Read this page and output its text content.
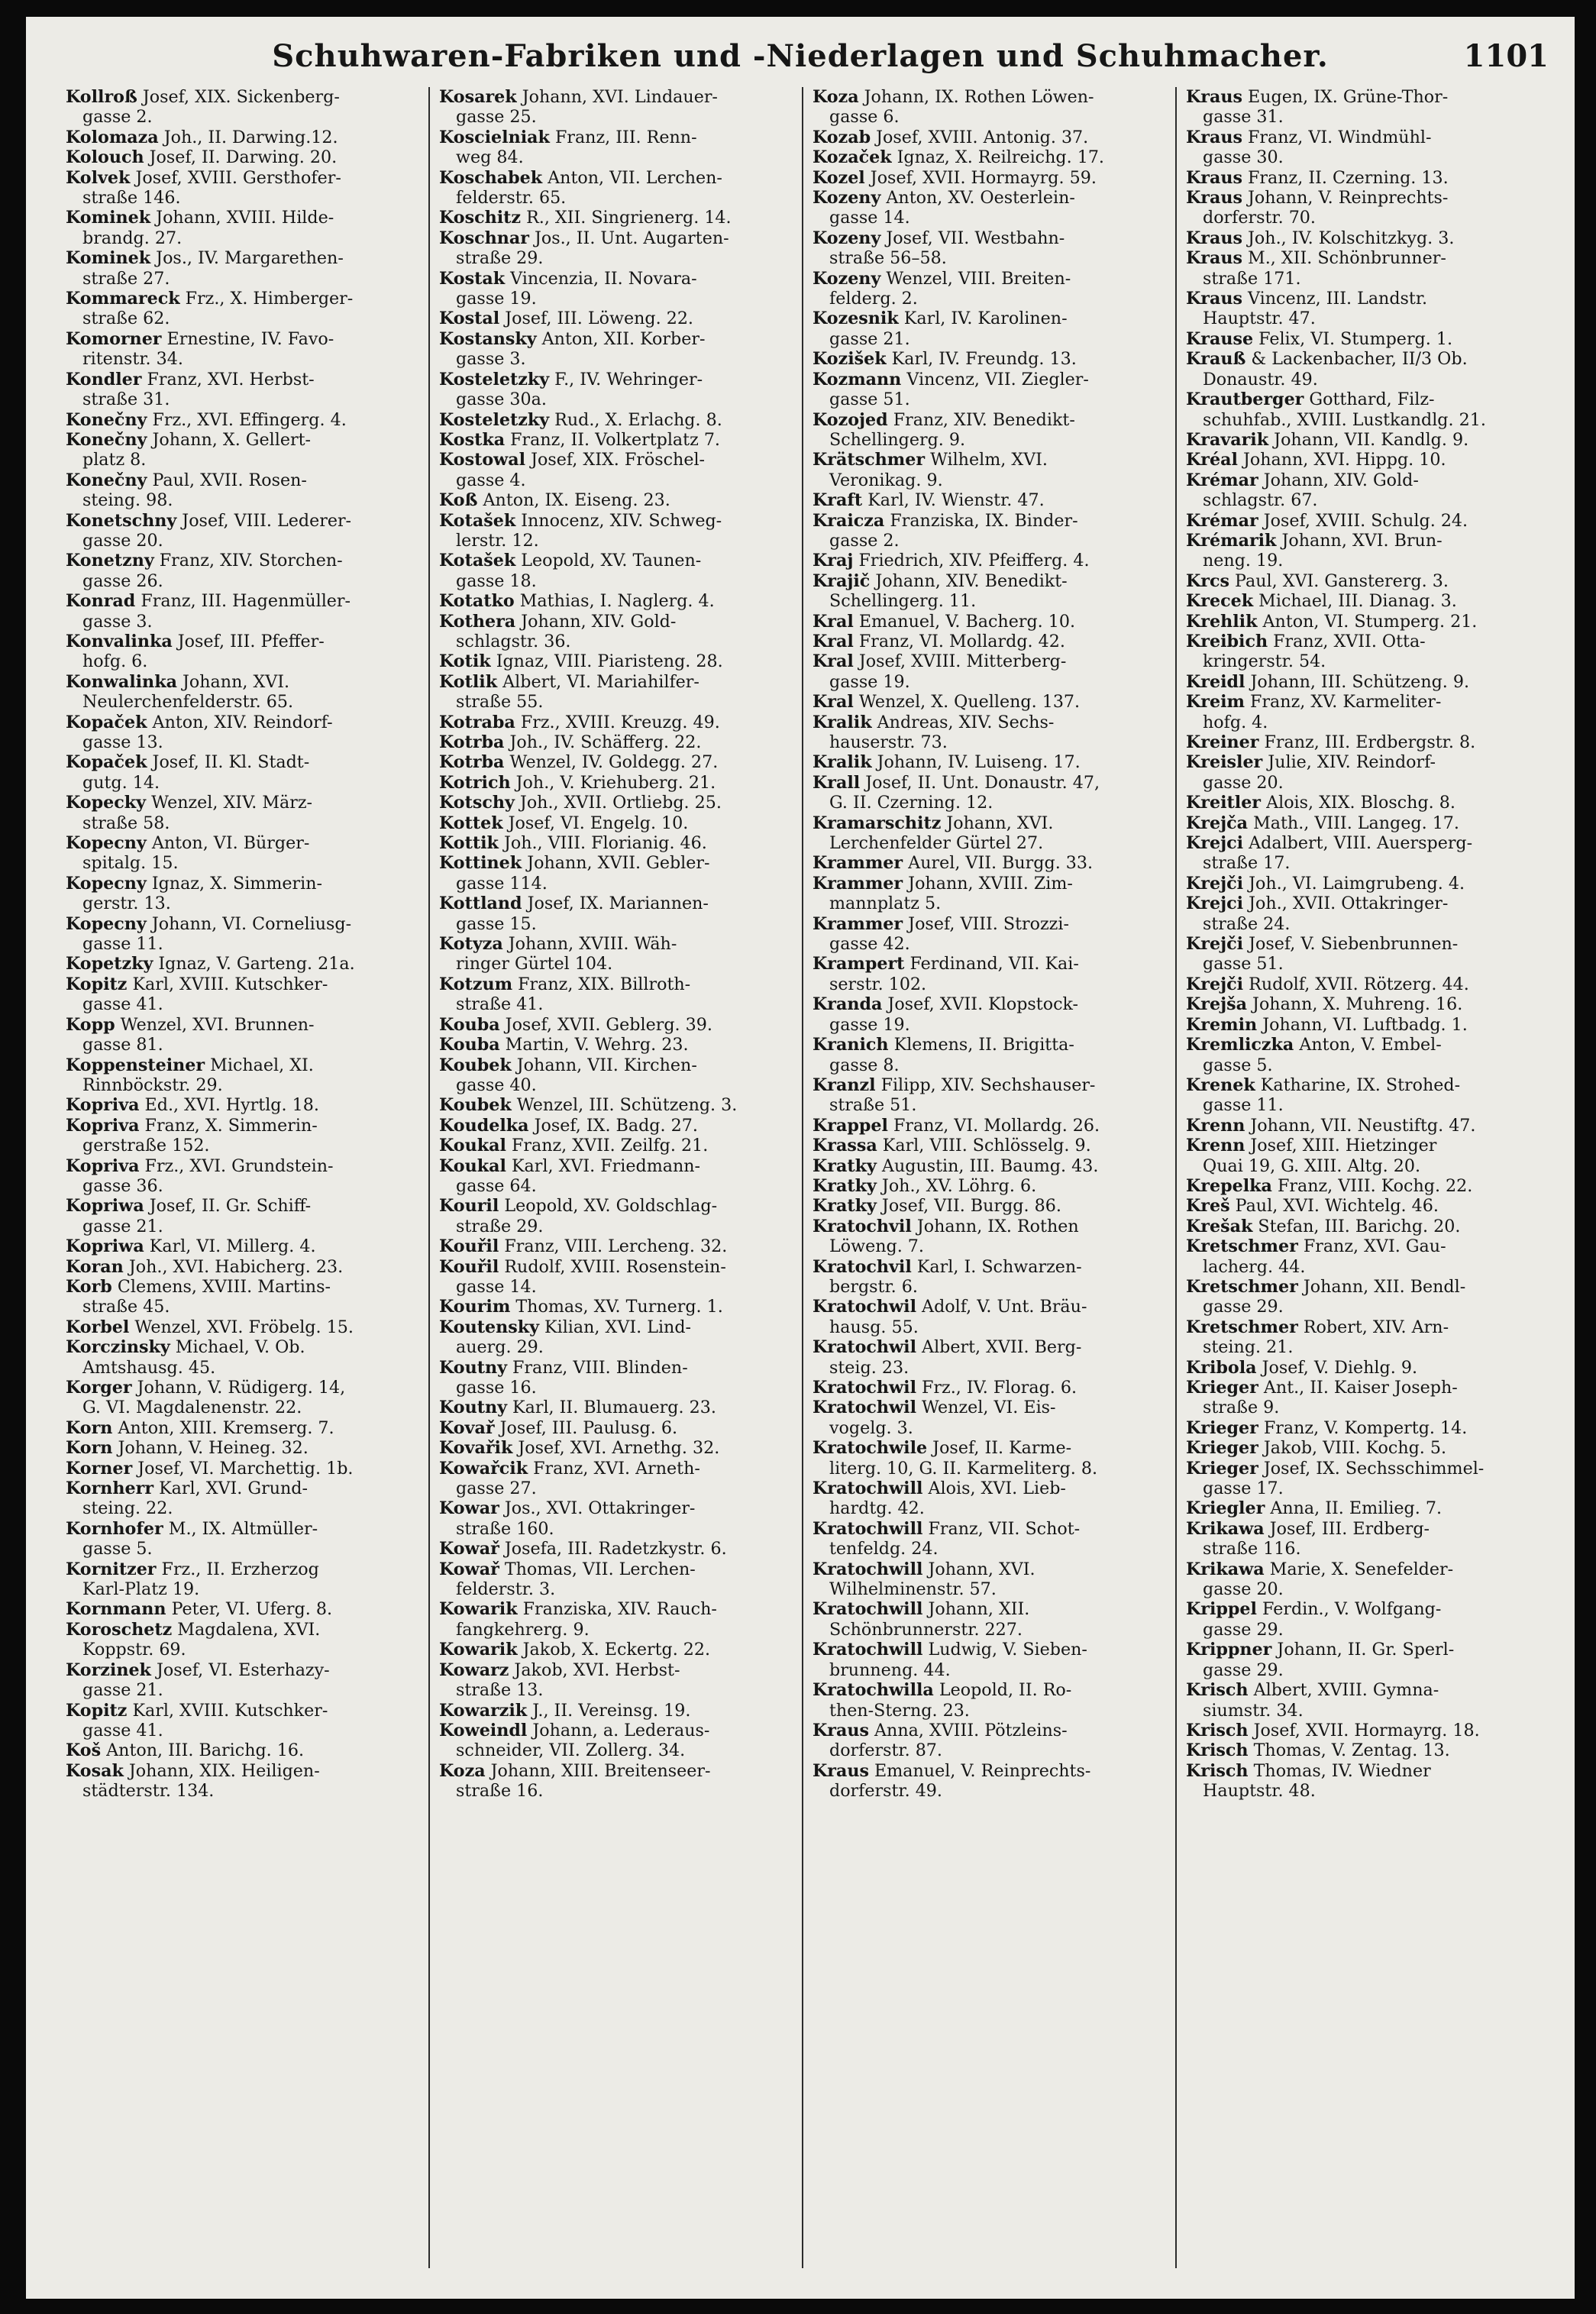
Schuhwaren-Fabriken und -Niederlagen und Schuhmacher.	1101
Kollroß Josef, XIX. Sickenberg-
gasse 2.
Kolomaza Joh., II. Darwing.12.
Kolouch Josef, II. Darwing. 20.
Kolvek Josef, XVIII. Gersthofer-
straße 146.
Kominek Johann, XVIII. Hilde-
brandg. 27.
Kominek Jos., IV. Margarethen-
straße 27.
Kommareck Frz., X. Himberger-
straße 62.
Komorner Ernestine, IV. Favo-
ritenstr. 34.
Kondler Franz, XVI. Herbst-
straße 31.
Konečny Frz., XVI. Effingerg. 4.
Konečny Johann, X. Gellert-
platz 8.
Konečny Paul, XVII. Rosen-
steing. 98.
Konetschny Josef, VIII. Lederer-
gasse 20.
Konetzny Franz, XIV. Storchen-
gasse 26.
Konrad Franz, III. Hagenmüller-
gasse 3.
Konvalinka Josef, III. Pfeffer-
hofg. 6.
Konwalinka Johann, XVI.
Neulerchenfelderstr. 65.
Kopaček Anton, XIV. Reindorf-
gasse 13.
Kopaček Josef, II. Kl. Stadt-
gutg. 14.
Kopecky Wenzel, XIV. März-
straße 58.
Kopecny Anton, VI. Bürger-
spitalg. 15.
Kopecny Ignaz, X. Simmerin-
gerstr. 13.
Kopecny Johann, VI. Corneliusg-
gasse 11.
Kopetzky Ignaz, V. Garteng. 21a.
Kopitz Karl, XVIII. Kutschker-
gasse 41.
Kopp Wenzel, XVI. Brunnen-
gasse 81.
Koppensteiner Michael, XI.
Rinnböckstr. 29.
Kopriva Ed., XVI. Hyrtlg. 18.
Kopriva Franz, X. Simmerin-
gerstraße 152.
Kopriva Frz., XVI. Grundstein-
gasse 36.
Kopriwa Josef, II. Gr. Schiff-
gasse 21.
Kopriwa Karl, VI. Millerg. 4.
Koran Joh., XVI. Habicherg. 23.
Korb Clemens, XVIII. Martins-
straße 45.
Korbel Wenzel, XVI. Fröbelg. 15.
Korczinsky Michael, V. Ob.
Amtshausg. 45.
Korger Johann, V. Rüdigerg. 14,
G. VI. Magdalenenstr. 22.
Korn Anton, XIII. Kremserg. 7.
Korn Johann, V. Heineg. 32.
Korner Josef, VI. Marchettig. 1b.
Kornherr Karl, XVI. Grund-
steing. 22.
Kornhofer M., IX. Altmüller-
gasse 5.
Kornitzer Frz., II. Erzherzog
Karl-Platz 19.
Kornmann Peter, VI. Uferg. 8.
Koroschetz Magdalena, XVI.
Koppstr. 69.
Korzinek Josef, VI. Esterhazy-
gasse 21.
Kopitz Karl, XVIII. Kutschker-
gasse 41.
Koš Anton, III. Barichg. 16.
Kosak Johann, XIX. Heiligen-
städterstr. 134.
Kosarek Johann, XVI. Lindauer-
gasse 25.
Koscielniak Franz, III. Renn-
weg 84.
Koschabek Anton, VII. Lerchen-
felderstr. 65.
Koschitz R., XII. Singrienerg. 14.
Koschnar Jos., II. Unt. Augarten-
straße 29.
Kostak Vincenzia, II. Novara-
gasse 19.
Kostal Josef, III. Löweng. 22.
Kostansky Anton, XII. Korber-
gasse 3.
Kosteletzky F., IV. Wehringer-
gasse 30a.
Kosteletzky Rud., X. Erlachg. 8.
Kostka Franz, II. Volkertplatz 7.
Kostowal Josef, XIX. Fröschel-
gasse 4.
Koß Anton, IX. Eiseng. 23.
Kotašek Innocenz, XIV. Schweg-
lerstr. 12.
Kotašek Leopold, XV. Taunen-
gasse 18.
Kotatko Mathias, I. Naglerg. 4.
Kothera Johann, XIV. Gold-
schlagstr. 36.
Kotik Ignaz, VIII. Piaristeng. 28.
Kotlik Albert, VI. Mariahilfer-
straße 55.
Kotraba Frz., XVIII. Kreuzg. 49.
Kotrba Joh., IV. Schäfferg. 22.
Kotrba Wenzel, IV. Goldegg. 27.
Kotrich Joh., V. Kriehuberg. 21.
Kotschy Joh., XVII. Ortliebg. 25.
Kottek Josef, VI. Engelg. 10.
Kottik Joh., VIII. Florianig. 46.
Kottinek Johann, XVII. Gebler-
gasse 114.
Kottland Josef, IX. Mariannen-
gasse 15.
Kotyza Johann, XVIII. Wäh-
ringer Gürtel 104.
Kotzum Franz, XIX. Billroth-
straße 41.
Kouba Josef, XVII. Geblerg. 39.
Kouba Martin, V. Wehrg. 23.
Koubek Johann, VII. Kirchen-
gasse 40.
Koubek Wenzel, III. Schützeng. 3.
Koudelka Josef, IX. Badg. 27.
Koukal Franz, XVII. Zeilfg. 21.
Koukal Karl, XVI. Friedmann-
gasse 64.
Kouril Leopold, XV. Goldschlag-
straße 29.
Kouřil Franz, VIII. Lercheng. 32.
Kouřil Rudolf, XVIII. Rosenstein-
gasse 14.
Kourim Thomas, XV. Turnerg. 1.
Koutensky Kilian, XVI. Lind-
auerg. 29.
Koutny Franz, VIII. Blinden-
gasse 16.
Koutny Karl, II. Blumauerg. 23.
Kovař Josef, III. Paulusg. 6.
Kovařik Josef, XVI. Arnethg. 32.
Kowařcik Franz, XVI. Arneth-
gasse 27.
Kowar Jos., XVI. Ottakringer-
straße 160.
Kowař Josefa, III. Radetzkystr. 6.
Kowař Thomas, VII. Lerchen-
felderstr. 3.
Kowarik Franziska, XIV. Rauch-
fangkehrerg. 9.
Kowarik Jakob, X. Eckertg. 22.
Kowarz Jakob, XVI. Herbst-
straße 13.
Kowarzik J., II. Vereinsg. 19.
Koweindl Johann, a. Lederaus-
schneider, VII. Zollerg. 34.
Koza Johann, XIII. Breitenseer-
straße 16.
Koza Johann, IX. Rothen Löwen-
gasse 6.
Kozab Josef, XVIII. Antonig. 37.
Kozaček Ignaz, X. Reilreichg. 17.
Kozel Josef, XVII. Hormayrg. 59.
Kozeny Anton, XV. Oesterlein-
gasse 14.
Kozeny Josef, VII. Westbahn-
straße 56–58.
Kozeny Wenzel, VIII. Breiten-
felderg. 2.
Kozesnik Karl, IV. Karolinen-
gasse 21.
Kozišek Karl, IV. Freundg. 13.
Kozmann Vincenz, VII. Ziegler-
gasse 51.
Kozojed Franz, XIV. Benedikt-
Schellingerg. 9.
Krätschmer Wilhelm, XVI.
Veronikag. 9.
Kraft Karl, IV. Wienstr. 47.
Kraicza Franziska, IX. Binder-
gasse 2.
Kraj Friedrich, XIV. Pfeifferg. 4.
Krajič Johann, XIV. Benedikt-
Schellingerg. 11.
Kral Emanuel, V. Bacherg. 10.
Kral Franz, VI. Mollardg. 42.
Kral Josef, XVIII. Mitterberg-
gasse 19.
Kral Wenzel, X. Quelleng. 137.
Kralik Andreas, XIV. Sechs-
hauserstr. 73.
Kralik Johann, IV. Luiseng. 17.
Krall Josef, II. Unt. Donaustr. 47,
G. II. Czerning. 12.
Kramarschitz Johann, XVI.
Lerchenfelder Gürtel 27.
Krammer Aurel, VII. Burgg. 33.
Krammer Johann, XVIII. Zim-
mannplatz 5.
Krammer Josef, VIII. Strozzi-
gasse 42.
Krampert Ferdinand, VII. Kai-
serstr. 102.
Kranda Josef, XVII. Klopstock-
gasse 19.
Kranich Klemens, II. Brigitta-
gasse 8.
Kranzl Filipp, XIV. Sechshauser-
straße 51.
Krappel Franz, VI. Mollardg. 26.
Krassa Karl, VIII. Schlösselg. 9.
Kratky Augustin, III. Baumg. 43.
Kratky Joh., XV. Löhrg. 6.
Kratky Josef, VII. Burgg. 86.
Kratochvil Johann, IX. Rothen
Löweng. 7.
Kratochvil Karl, I. Schwarzen-
bergstr. 6.
Kratochwil Adolf, V. Unt. Bräu-
hausg. 55.
Kratochwil Albert, XVII. Berg-
steig. 23.
Kratochwil Frz., IV. Florag. 6.
Kratochwil Wenzel, VI. Eis-
vogelg. 3.
Kratochwile Josef, II. Karme-
literg. 10, G. II. Karmeliterg. 8.
Kratochwill Alois, XVI. Lieb-
hardtg. 42.
Kratochwill Franz, VII. Schot-
tenfeldg. 24.
Kratochwill Johann, XVI.
Wilhelminenstr. 57.
Kratochwill Johann, XII.
Schönbrunnerstr. 227.
Kratochwill Ludwig, V. Sieben-
brunneng. 44.
Kratochwilla Leopold, II. Ro-
then-Sterng. 23.
Kraus Anna, XVIII. Pötzleins-
dorferstr. 87.
Kraus Emanuel, V. Reinprechts-
dorferstr. 49.
Kraus Eugen, IX. Grüne-Thor-
gasse 31.
Kraus Franz, VI. Windmühl-
gasse 30.
Kraus Franz, II. Czerning. 13.
Kraus Johann, V. Reinprechts-
dorferstr. 70.
Kraus Joh., IV. Kolschitzkyg. 3.
Kraus M., XII. Schönbrunner-
straße 171.
Kraus Vincenz, III. Landstr.
Hauptstr. 47.
Krause Felix, VI. Stumperg. 1.
Krauß & Lackenbacher, II/3 Ob.
Donaustr. 49.
Krautberger Gotthard, Filz-
schuhfab., XVIII. Lustkandlg. 21.
Kravarik Johann, VII. Kandlg. 9.
Kréal Johann, XVI. Hippg. 10.
Krémar Johann, XIV. Gold-
schlagstr. 67.
Krémar Josef, XVIII. Schulg. 24.
Krémarik Johann, XVI. Brun-
neng. 19.
Krcs Paul, XVI. Ganstererg. 3.
Krecek Michael, III. Dianag. 3.
Krehlik Anton, VI. Stumperg. 21.
Kreibich Franz, XVII. Otta-
kringerstr. 54.
Kreidl Johann, III. Schützeng. 9.
Kreim Franz, XV. Karmeliter-
hofg. 4.
Kreiner Franz, III. Erdbergstr. 8.
Kreisler Julie, XIV. Reindorf-
gasse 20.
Kreitler Alois, XIX. Bloschg. 8.
Krejča Math., VIII. Langeg. 17.
Krejci Adalbert, VIII. Auersperg-
straße 17.
Krejči Joh., VI. Laimgrubeng. 4.
Krejci Joh., XVII. Ottakringer-
straße 24.
Krejči Josef, V. Siebenbrunnen-
gasse 51.
Krejči Rudolf, XVII. Rötzerg. 44.
Krejša Johann, X. Muhreng. 16.
Kremin Johann, VI. Luftbadg. 1.
Kremliczka Anton, V. Embel-
gasse 5.
Krenek Katharine, IX. Strohed-
gasse 11.
Krenn Johann, VII. Neustiftg. 47.
Krenn Josef, XIII. Hietzinger
Quai 19, G. XIII. Altg. 20.
Krepelka Franz, VIII. Kochg. 22.
Kreš Paul, XVI. Wichtelg. 46.
Krešak Stefan, III. Barichg. 20.
Kretschmer Franz, XVI. Gau-
lacherg. 44.
Kretschmer Johann, XII. Bendl-
gasse 29.
Kretschmer Robert, XIV. Arn-
steing. 21.
Kribola Josef, V. Diehlg. 9.
Krieger Ant., II. Kaiser Joseph-
straße 9.
Krieger Franz, V. Kompertg. 14.
Krieger Jakob, VIII. Kochg. 5.
Krieger Josef, IX. Sechsschimmel-
gasse 17.
Kriegler Anna, II. Emilieg. 7.
Krikawa Josef, III. Erdberg-
straße 116.
Krikawa Marie, X. Senefelder-
gasse 20.
Krippel Ferdin., V. Wolfgang-
gasse 29.
Krippner Johann, II. Gr. Sperl-
gasse 29.
Krisch Albert, XVIII. Gymna-
siumstr. 34.
Krisch Josef, XVII. Hormayrg. 18.
Krisch Thomas, V. Zentag. 13.
Krisch Thomas, IV. Wiedner
Hauptstr. 48.
